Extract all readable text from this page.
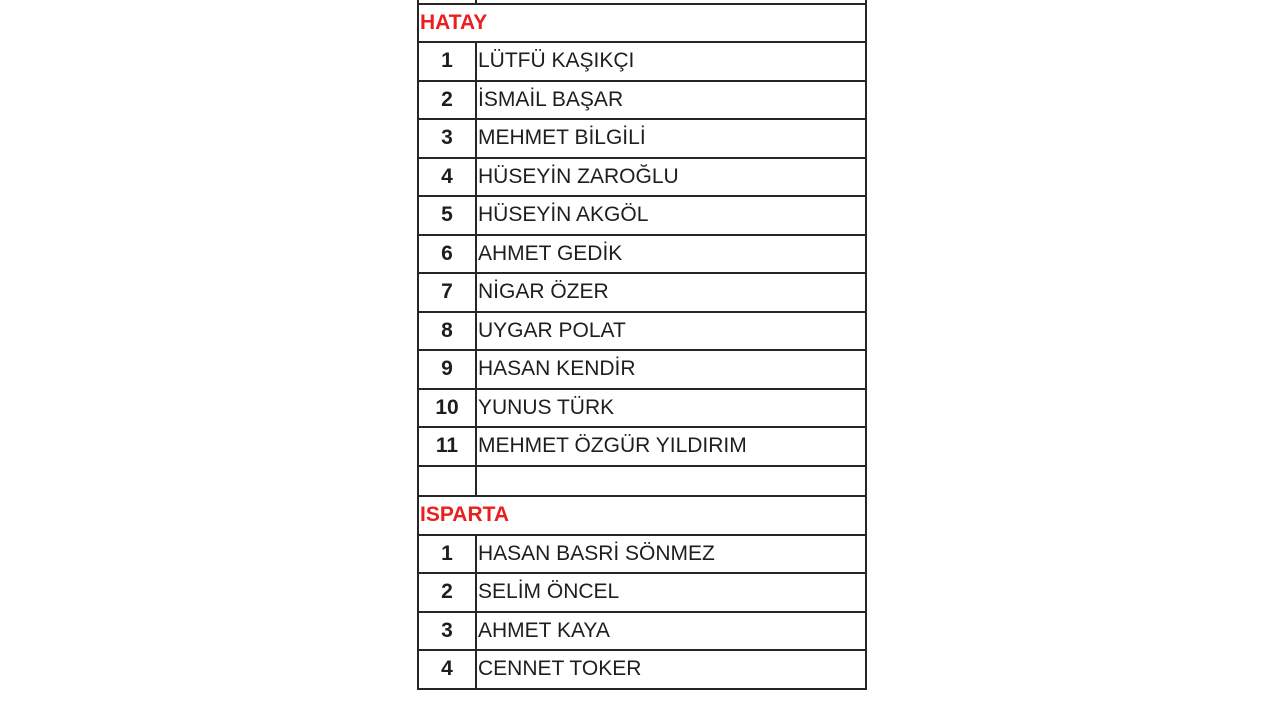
HATAY	
1	LÜTFÜ KAŞIKÇI
2	İSMAİL BAŞAR
3	MEHMET BİLGİLİ
4	HÜSEYİN ZAROĞLU
5	HÜSEYİN AKGÖL
6	AHMET GEDİK
7	NİGAR ÖZER
8	UYGAR POLAT
9	HASAN KENDİR
10	YUNUS TÜRK
11	MEHMET ÖZGÜR YILDIRIM

ISPARTA	
1	HASAN BASRİ SÖNMEZ
2	SELİM ÖNCEL
3	AHMET KAYA
4	CENNET TOKER
